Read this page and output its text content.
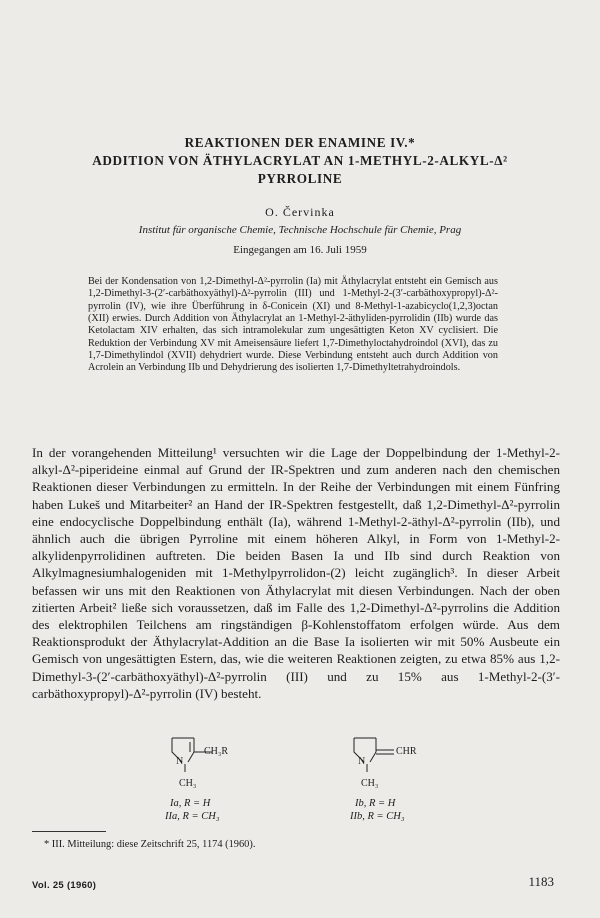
REAKTIONEN DER ENAMINE IV.*
ADDITION VON ÄTHYLACRYLAT AN 1-METHYL-2-ALKYL-Δ²
PYRROLINE
O. Červinka
Institut für organische Chemie, Technische Hochschule für Chemie, Prag
Eingegangen am 16. Juli 1959
Bei der Kondensation von 1,2-Dimethyl-Δ²-pyrrolin (Ia) mit Äthylacrylat entsteht ein Gemisch aus 1,2-Dimethyl-3-(2′-carbäthoxyäthyl)-Δ²-pyrrolin (III) und 1-Methyl-2-(3′-carbäthoxypropyl)-Δ²-pyrrolin (IV), wie ihre Überführung in δ-Conicein (XI) und 8-Methyl-1-azabicyclo(1,2,3)octan (XII) erwies. Durch Addition von Äthylacrylat an 1-Methyl-2-äthyliden-pyrrolidin (IIb) wurde das Ketolactam XIV erhalten, das sich intramolekular zum ungesättigten Keton XV cyclisiert. Die Reduktion der Verbindung XV mit Ameisensäure liefert 1,7-Dimethyloctahydroindol (XVI), das zu 1,7-Dimethylindol (XVII) dehydriert wurde. Diese Verbindung entsteht auch durch Addition von Acrolein an Verbindung IIb und Dehydrierung des isolierten 1,7-Dimethyltetrahydroindols.
In der vorangehenden Mitteilung¹ versuchten wir die Lage der Doppelbindung der 1-Methyl-2-alkyl-Δ²-piperideine einmal auf Grund der IR-Spektren und zum anderen nach den chemischen Reaktionen dieser Verbindungen zu ermitteln. In der Reihe der Verbindungen mit einem Fünfring haben Lukeš und Mitarbeiter² an Hand der IR-Spektren festgestellt, daß 1,2-Dimethyl-Δ²-pyrrolin eine endocyclische Doppelbindung enthält (Ia), während 1-Methyl-2-äthyl-Δ²-pyrrolin (IIb), und ähnlich auch die übrigen Pyrroline mit einem höheren Alkyl, in Form von 1-Methyl-2-alkylidenpyrrolidinen auftreten. Die beiden Basen Ia und IIb sind durch Reaktion von Alkylmagnesiumhalogeniden mit 1-Methylpyrrolidon-(2) leicht zugänglich³. In dieser Arbeit befassen wir uns mit den Reaktionen von Äthylacrylat mit diesen Verbindungen. Nach der oben zitierten Arbeit² ließe sich voraussetzen, daß im Falle des 1,2-Dimethyl-Δ²-pyrrolins die Addition des elektrophilen Teilchens am ringständigen β-Kohlenstoffatom erfolgen würde. Aus dem Reaktionsprodukt der Äthylacrylat-Addition an die Base Ia isolierten wir mit 50% Ausbeute ein Gemisch von ungesättigten Estern, das, wie die weiteren Reaktionen zeigten, zu etwa 85% aus 1,2-Dimethyl-3-(2′-carbäthoxyäthyl)-Δ²-pyrrolin (III) und zu 15% aus 1-Methyl-2-(3′-carbäthoxypropyl)-Δ²-pyrrolin (IV) besteht.
N
CH₃R
CH₃
Ia, R = H
IIa, R = CH₃
N
CHR
CH₃
Ib, R = H
IIb, R = CH₃
* III. Mitteilung: diese Zeitschrift 25, 1174 (1960).
Vol. 25 (1960)	1183
